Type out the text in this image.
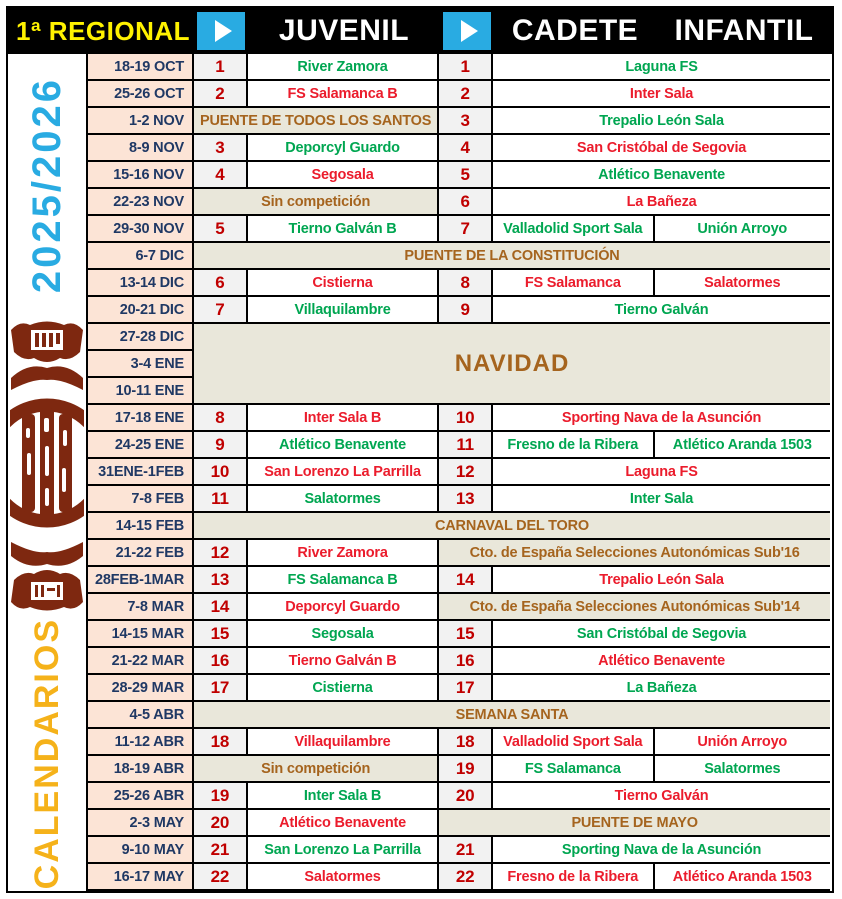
1ª REGIONAL	JUVENIL	CADETE	INFANTIL
2025/2026
CALENDARIOS
18-19 OCT	1	River Zamora	1	Laguna FS
25-26 OCT	2	FS Salamanca B	2	Inter Sala
1-2 NOV	PUENTE DE TODOS LOS SANTOS	3	Trepalio León Sala
8-9 NOV	3	Deporcyl Guardo	4	San Cristóbal de Segovia
15-16 NOV	4	Segosala	5	Atlético Benavente
22-23 NOV	Sin competición	6	La Bañeza
29-30 NOV	5	Tierno Galván B	7	Valladolid Sport Sala	Unión Arroyo
6-7 DIC	PUENTE DE LA CONSTITUCIÓN
13-14 DIC	6	Cistierna	8	FS Salamanca	Salatormes
20-21 DIC	7	Villaquilambre	9	Tierno Galván
27-28 DIC
3-4 ENE
10-11 ENE
NAVIDAD
17-18 ENE	8	Inter Sala B	10	Sporting Nava de la Asunción
24-25 ENE	9	Atlético Benavente	11	Fresno de la Ribera	Atlético Aranda 1503
31ENE-1FEB	10	San Lorenzo La Parrilla	12	Laguna FS
7-8 FEB	11	Salatormes	13	Inter Sala
14-15 FEB	CARNAVAL DEL TORO
21-22 FEB	12	River Zamora	Cto. de España Selecciones Autonómicas Sub'16
28FEB-1MAR	13	FS Salamanca B	14	Trepalio León Sala
7-8 MAR	14	Deporcyl Guardo	Cto. de España Selecciones Autonómicas Sub'14
14-15 MAR	15	Segosala	15	San Cristóbal de Segovia
21-22 MAR	16	Tierno Galván B	16	Atlético Benavente
28-29 MAR	17	Cistierna	17	La Bañeza
4-5 ABR	SEMANA SANTA
11-12 ABR	18	Villaquilambre	18	Valladolid Sport Sala	Unión Arroyo
18-19 ABR	Sin competición	19	FS Salamanca	Salatormes
25-26 ABR	19	Inter Sala B	20	Tierno Galván
2-3 MAY	20	Atlético Benavente	PUENTE DE MAYO
9-10 MAY	21	San Lorenzo La Parrilla	21	Sporting Nava de la Asunción
16-17 MAY	22	Salatormes	22	Fresno de la Ribera	Atlético Aranda 1503
